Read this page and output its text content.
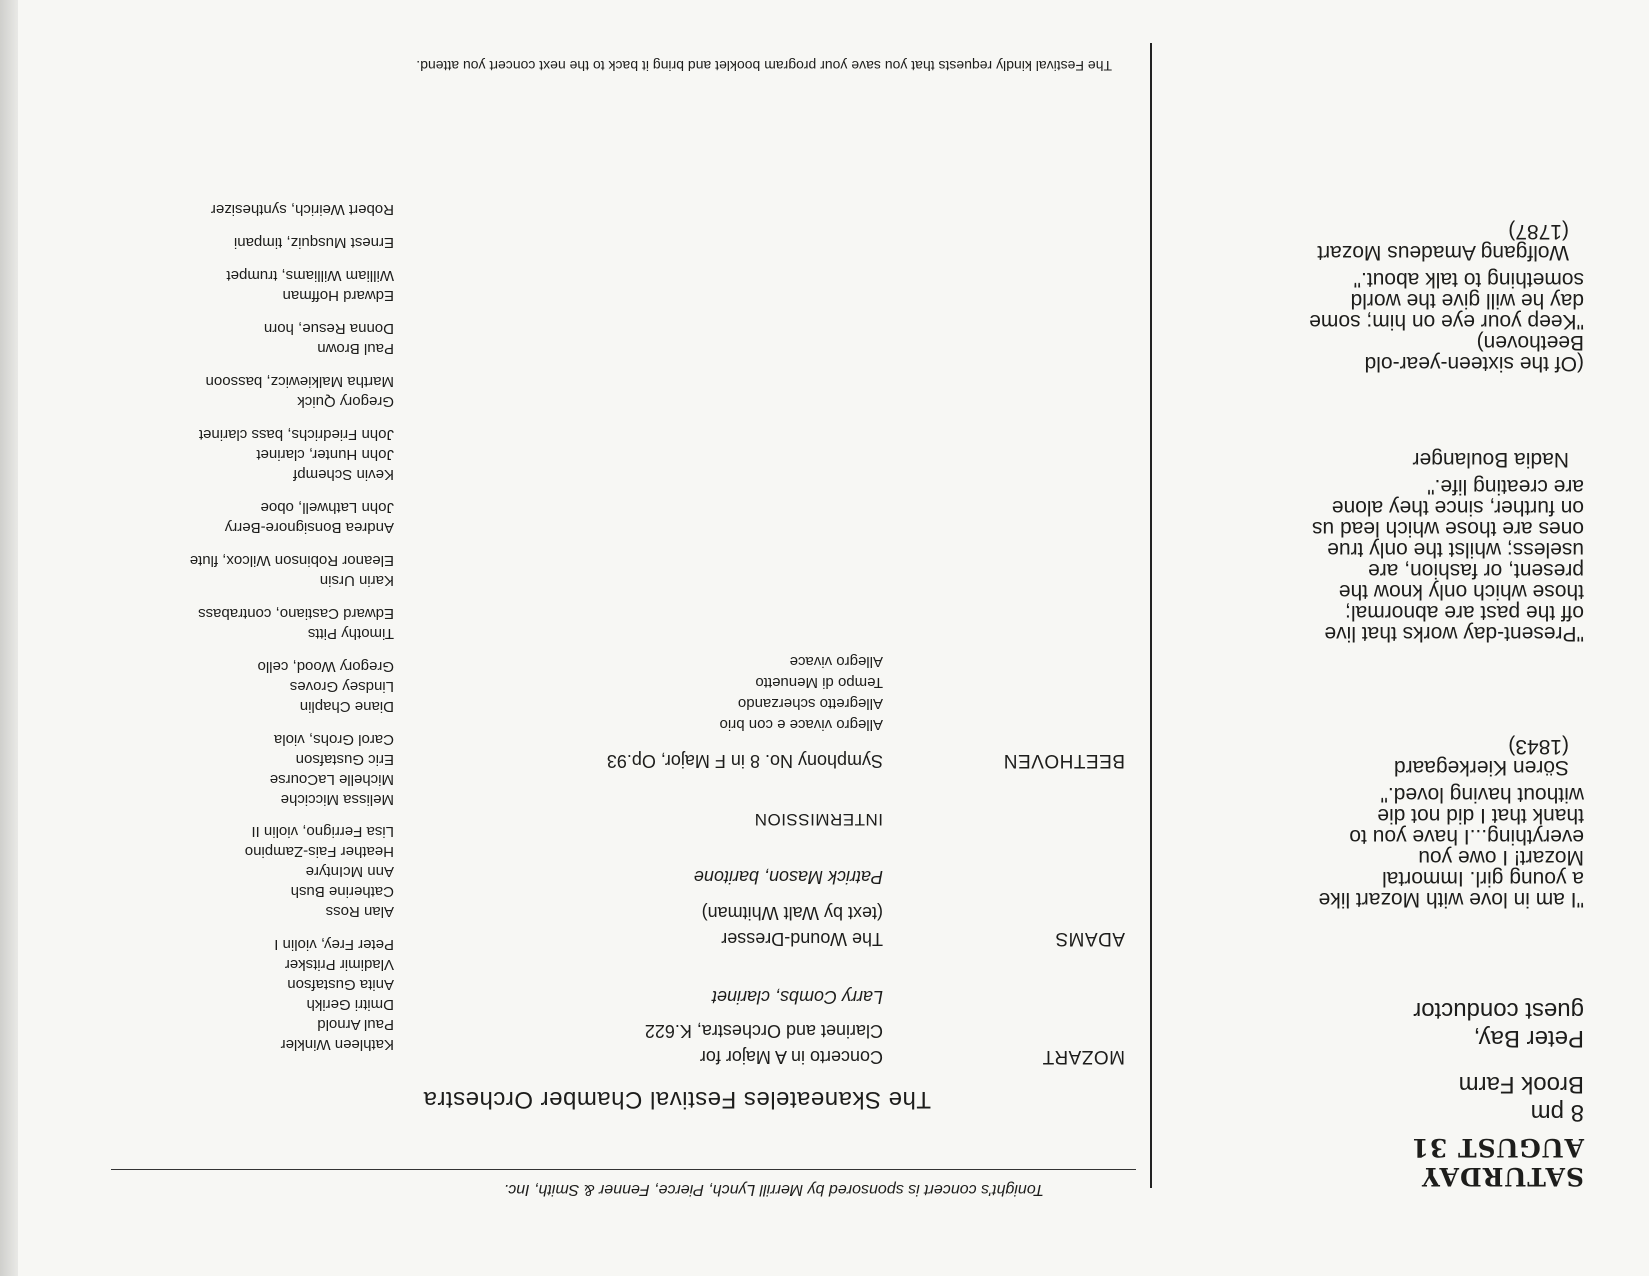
SATURDAY
AUGUST 31
8 pm
Brook Farm
Peter Bay,
guest conductor
"I am in love with Mozart like
a young girl. Immortal
Mozart! I owe you
everything...I have you to
thank that I did not die
without having loved."
Sören Kierkegaard
(1843)
"Present-day works that live
off the past are abnormal;
those which only know the
present, or fashion, are
useless; whilst the only true
ones are those which lead us
on further, since they alone
are creating life."
Nadia Boulanger
(Of the sixteen-year-old
Beethoven)
"Keep your eye on him; some
day he will give the world
something to talk about."
Wolfgang Amadeus Mozart
(1787)
Tonight's concert is sponsored by Merrill Lynch, Pierce, Fenner & Smith, Inc.
The Skaneateles Festival Chamber Orchestra
MOZART
Concerto in A Major for
Clarinet and Orchestra, K.622
Larry Combs, clarinet
ADAMS
The Wound-Dresser
(text by Walt Whitman)
Patrick Mason, baritone
INTERMISSION
BEETHOVEN
Symphony No. 8 in F Major, Op.93
Allegro vivace e con brio
Allegretto scherzando
Tempo di Menuetto
Allegro vivace
Kathleen Winkler
Paul Arnold
Dmitri Gerikh
Anita Gustafson
Vladimir Pritsker
Peter Frey, violin I
Alan Ross
Catherine Bush
Ann McIntyre
Heather Fais-Zampino
Lisa Ferrigno, violin II
Melissa Micciche
Michelle LaCourse
Eric Gustafson
Carol Grohs, viola
Diane Chaplin
Lindsey Groves
Gregory Wood, cello
Timothy Pitts
Edward Castiano, contrabass
Karin Ursin
Eleanor Robinson Wilcox, flute
Andrea Bonsignore-Berry
John Lathwell, oboe
Kevin Schempf
John Hunter, clarinet
John Friedrichs, bass clarinet
Gregory Quick
Martha Malkiewicz, bassoon
Paul Brown
Donna Resue, horn
Edward Hoffman
William Williams, trumpet
Ernest Musquiz, timpani
Robert Weirich, synthesizer
The Festival kindly requests that you save your program booklet and bring it back to the next concert you attend.
